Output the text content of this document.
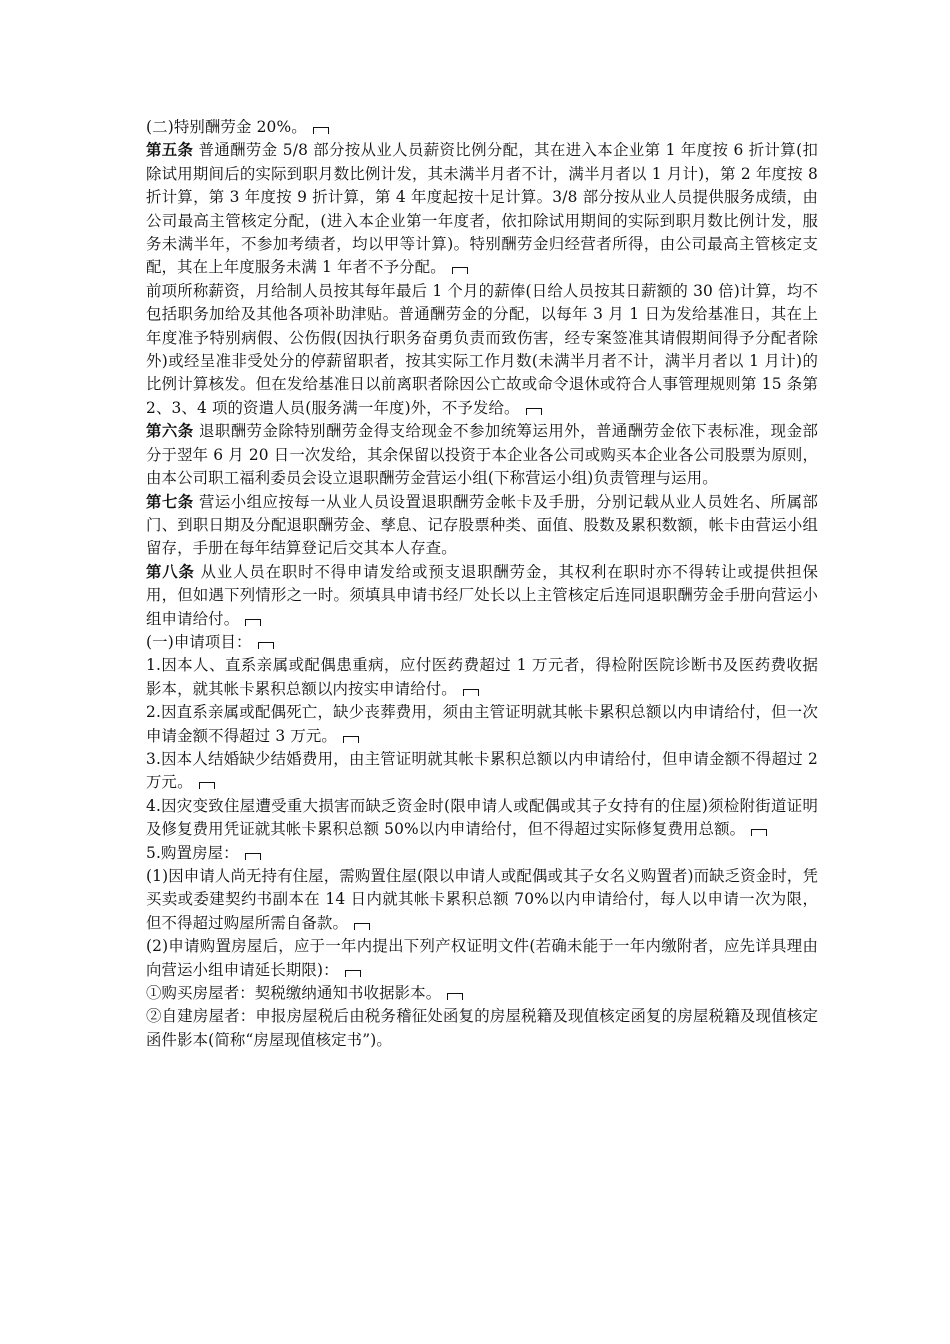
(二)特别酬劳金 20%。

第五条 普通酬劳金 5/8 部分按从业人员薪资比例分配，其在进入本企业第 1 年度按 6 折计算(扣除试用期间后的实际到职月数比例计发，其未满半月者不计，满半月者以 1 月计)，第 2 年度按 8 折计算，第 3 年度按 9 折计算，第 4 年度起按十足计算。3/8 部分按从业人员提供服务成绩，由公司最高主管核定分配，(进入本企业第一年度者，依扣除试用期间的实际到职月数比例计发，服务未满半年，不参加考绩者，均以甲等计算)。特别酬劳金归经营者所得，由公司最高主管核定支配，其在上年度服务未满 1 年者不予分配。

前项所称薪资，月给制人员按其每年最后 1 个月的薪俸(日给人员按其日薪额的 30 倍)计算，均不包括职务加给及其他各项补助津贴。普通酬劳金的分配，以每年 3 月 1 日为发给基准日，其在上年度准予特别病假、公伤假(因执行职务奋勇负责而致伤害，经专案签准其请假期间得予分配者除外)或经呈准非受处分的停薪留职者，按其实际工作月数(未满半月者不计，满半月者以 1 月计)的比例计算核发。但在发给基准日以前离职者除因公亡故或命令退休或符合人事管理规则第 15 条第 2、3、4 项的资遣人员(服务满一年度)外，不予发给。

第六条 退职酬劳金除特别酬劳金得支给现金不参加统筹运用外，普通酬劳金依下表标准，现金部分于翌年 6 月 20 日一次发给，其余保留以投资于本企业各公司或购买本企业各公司股票为原则，由本公司职工福利委员会设立退职酬劳金营运小组(下称营运小组)负责管理与运用。

第七条 营运小组应按每一从业人员设置退职酬劳金帐卡及手册，分别记载从业人员姓名、所属部门、到职日期及分配退职酬劳金、孳息、记存股票种类、面值、股数及累积数额，帐卡由营运小组留存，手册在每年结算登记后交其本人存查。

第八条 从业人员在职时不得申请发给或预支退职酬劳金，其权利在职时亦不得转让或提供担保用，但如遇下列情形之一时。须填具申请书经厂处长以上主管核定后连同退职酬劳金手册向营运小组申请给付。

(一)申请项目：

1.因本人、直系亲属或配偶患重病，应付医药费超过 1 万元者，得检附医院诊断书及医药费收据影本，就其帐卡累积总额以内按实申请给付。

2.因直系亲属或配偶死亡，缺少丧葬费用，须由主管证明就其帐卡累积总额以内申请给付，但一次申请金额不得超过 3 万元。

3.因本人结婚缺少结婚费用，由主管证明就其帐卡累积总额以内申请给付，但申请金额不得超过 2 万元。

4.因灾变致住屋遭受重大损害而缺乏资金时(限申请人或配偶或其子女持有的住屋)须检附街道证明及修复费用凭证就其帐卡累积总额 50%以内申请给付，但不得超过实际修复费用总额。

5.购置房屋：

(1)因申请人尚无持有住屋，需购置住屋(限以申请人或配偶或其子女名义购置者)而缺乏资金时，凭买卖或委建契约书副本在 14 日内就其帐卡累积总额 70%以内申请给付，每人以申请一次为限，但不得超过购屋所需自备款。

(2)申请购置房屋后，应于一年内提出下列产权证明文件(若确未能于一年内缴附者，应先详具理由向营运小组申请延长期限)：

①购买房屋者：契税缴纳通知书收据影本。

②自建房屋者：申报房屋税后由税务稽征处函复的房屋税籍及现值核定函复的房屋税籍及现值核定函件影本(简称“房屋现值核定书”)。
